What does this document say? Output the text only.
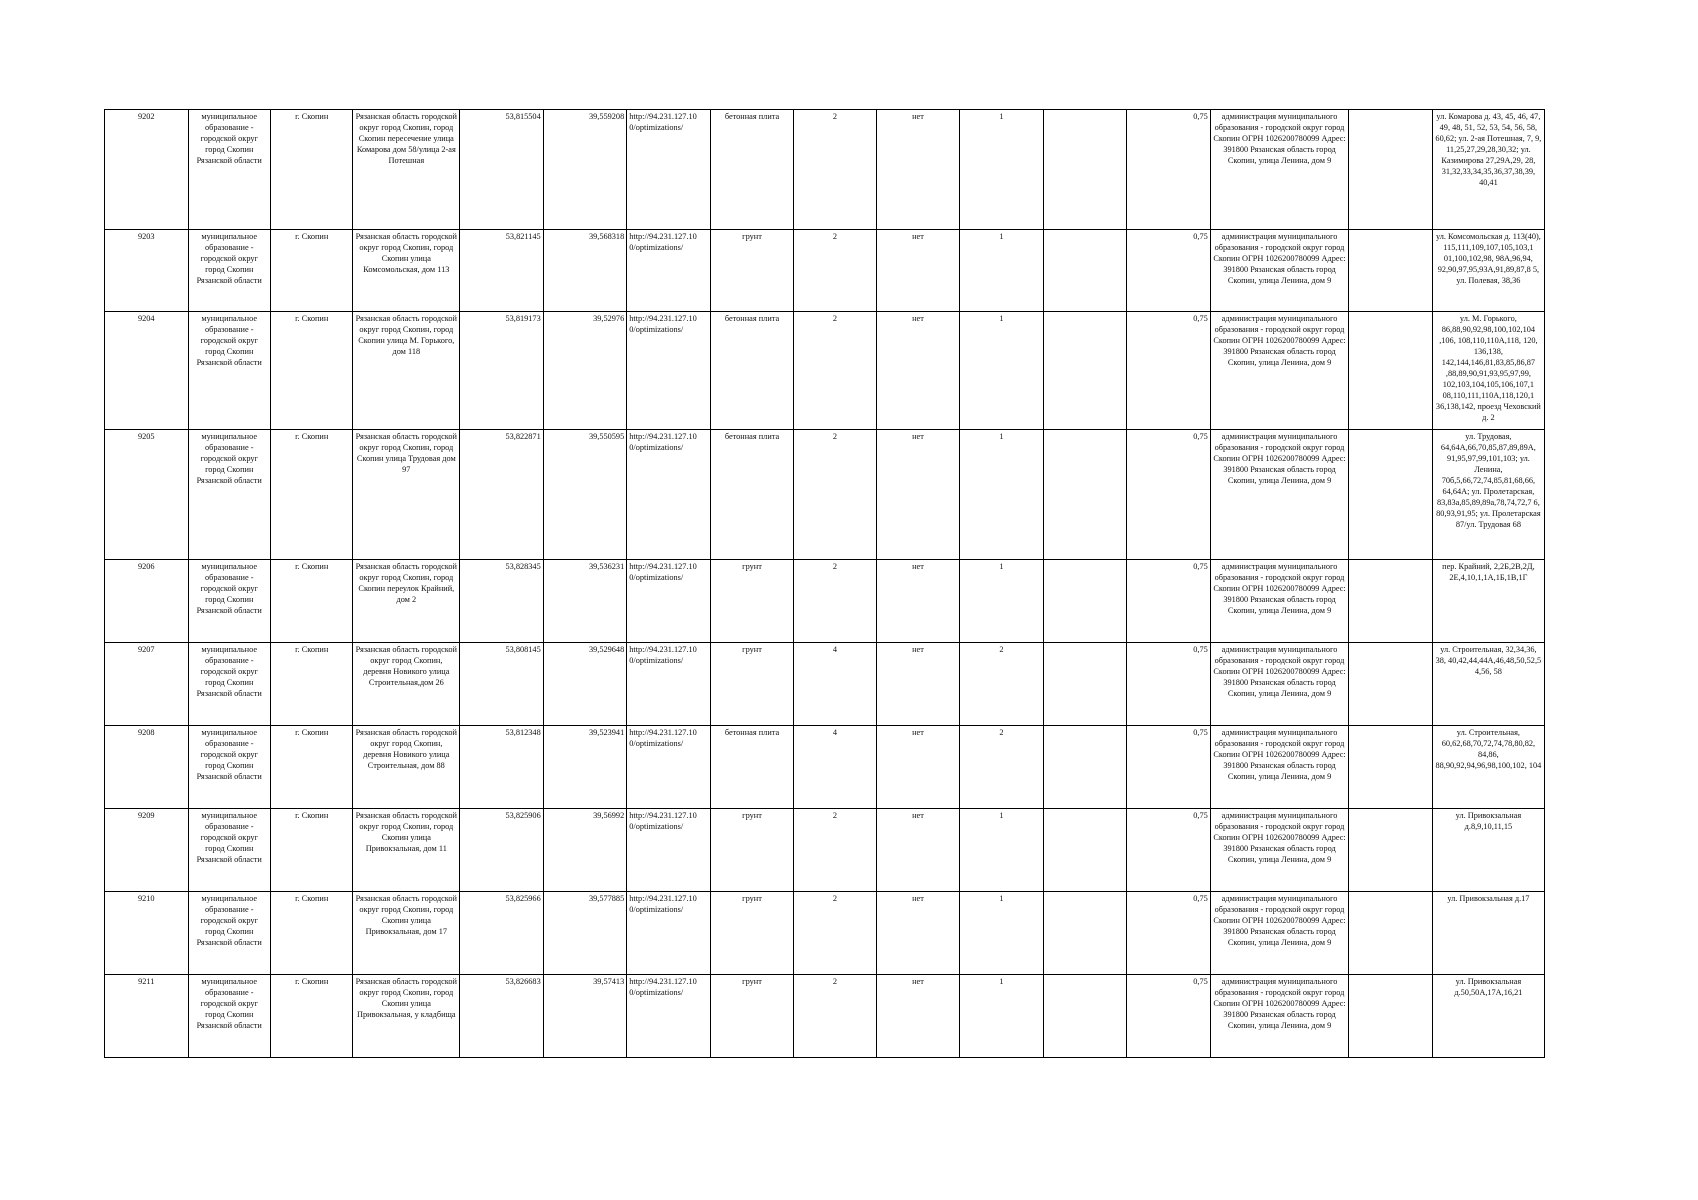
9202	муниципальное образование - городской округ город Скопин Рязанской области	г. Скопин	Рязанская область городской округ город Скопин, город Скопин пересечение улица Комарова дом 58/улица 2-ая Потешная	53,815504	39,559208	http://94.231.127.10 0/optimizations/	бетонная плита	2	нет	1		0,75	администрация муниципального образования - городской округ город Скопин ОГРН 1026200780099 Адрес: 391800 Рязанская область город Скопин, улица Ленина, дом 9		ул. Комарова д. 43, 45, 46, 47, 49, 48, 51, 52, 53, 54, 56, 58, 60,62; ул. 2-ая Потешная, 7, 9, 11,25,27,29,28,30,32; ул. Казимирова 27,29А,29, 28, 31,32,33,34,35,36,37,38,39, 40,41
9203	муниципальное образование - городской округ город Скопин Рязанской области	г. Скопин	Рязанская область городской округ город Скопин, город Скопин улица Комсомольская, дом 113	53,821145	39,568318	http://94.231.127.10 0/optimizations/	грунт	2	нет	1		0,75	администрация муниципального образования - городской округ город Скопин ОГРН 1026200780099 Адрес: 391800 Рязанская область город Скопин, улица Ленина, дом 9		ул. Комсомольская д. 113(40), 115,111,109,107,105,103,1 01,100,102,98, 98А,96,94, 92,90,97,95,93А,91,89,87,8 5, ул. Полевая, 38,36
9204	муниципальное образование - городской округ город Скопин Рязанской области	г. Скопин	Рязанская область городской округ город Скопин, город Скопин улица М. Горького, дом 118	53,819173	39,52976	http://94.231.127.10 0/optimizations/	бетонная плита	2	нет	1		0,75	администрация муниципального образования - городской округ город Скопин ОГРН 1026200780099 Адрес: 391800 Рязанская область город Скопин, улица Ленина, дом 9		ул. М. Горького, 86,88,90,92,98,100,102,104 ,106, 108,110,110А,118, 120, 136,138, 142,144,146,81,83,85,86,87 ,88,89,90,91,93,95,97,99, 102,103,104,105,106,107,1 08,110,111,110А,118,120,1 36,138,142, проезд Чеховский д. 2
9205	муниципальное образование - городской округ город Скопин Рязанской области	г. Скопин	Рязанская область городской округ город Скопин, город Скопин улица Трудовая дом 97	53,822871	39,550595	http://94.231.127.10 0/optimizations/	бетонная плита	2	нет	1		0,75	администрация муниципального образования - городской округ город Скопин ОГРН 1026200780099 Адрес: 391800 Рязанская область город Скопин, улица Ленина, дом 9		ул. Трудовая, 64,64А,66,70,85,87,89,89А, 91,95,97,99,101,103; ул. Ленина, 70б,5,66,72,74,85,81,68,66, 64,64А; ул. Пролетарская, 83,83а,85,89,89а,78,74,72,7 6, 80,93,91,95; ул. Пролетарская 87/ул. Трудовая 68
9206	муниципальное образование - городской округ город Скопин Рязанской области	г. Скопин	Рязанская область городской округ город Скопин, город Скопин переулок Крайний, дом 2	53,828345	39,536231	http://94.231.127.10 0/optimizations/	грунт	2	нет	1		0,75	администрация муниципального образования - городской округ город Скопин ОГРН 1026200780099 Адрес: 391800 Рязанская область город Скопин, улица Ленина, дом 9		пер. Крайний, 2,2Б,2В,2Д, 2Е,4,10,1,1А,1Б,1В,1Г
9207	муниципальное образование - городской округ город Скопин Рязанской области	г. Скопин	Рязанская область городской округ город Скопин, деревня Новикого улица Строительная,дом 26	53,808145	39,529648	http://94.231.127.10 0/optimizations/	грунт	4	нет	2		0,75	администрация муниципального образования - городской округ город Скопин ОГРН 1026200780099 Адрес: 391800 Рязанская область город Скопин, улица Ленина, дом 9		ул. Строительная, 32,34,36, 38, 40,42,44,44А,46,48,50,52,5 4,56, 58
9208	муниципальное образование - городской округ город Скопин Рязанской области	г. Скопин	Рязанская область городской округ город Скопин, деревня Новикого улица Строительная, дом 88	53,812348	39,523941	http://94.231.127.10 0/optimizations/	бетонная плита	4	нет	2		0,75	администрация муниципального образования - городской округ город Скопин ОГРН 1026200780099 Адрес: 391800 Рязанская область город Скопин, улица Ленина, дом 9		ул. Строительная, 60,62,68,70,72,74,78,80,82, 84,86, 88,90,92,94,96,98,100,102, 104
9209	муниципальное образование - городской округ город Скопин Рязанской области	г. Скопин	Рязанская область городской округ город Скопин, город Скопин улица Привокзальная, дом 11	53,825906	39,56992	http://94.231.127.10 0/optimizations/	грунт	2	нет	1		0,75	администрация муниципального образования - городской округ город Скопин ОГРН 1026200780099 Адрес: 391800 Рязанская область город Скопин, улица Ленина, дом 9		ул. Привокзальная д.8,9,10,11,15
9210	муниципальное образование - городской округ город Скопин Рязанской области	г. Скопин	Рязанская область городской округ город Скопин, город Скопин улица Привокзальная, дом 17	53,825966	39,577885	http://94.231.127.10 0/optimizations/	грунт	2	нет	1		0,75	администрация муниципального образования - городской округ город Скопин ОГРН 1026200780099 Адрес: 391800 Рязанская область город Скопин, улица Ленина, дом 9		ул. Привокзальная д.17
9211	муниципальное образование - городской округ город Скопин Рязанской области	г. Скопин	Рязанская область городской округ город Скопин, город Скопин улица Привокзальная, у кладбища	53,826683	39,57413	http://94.231.127.10 0/optimizations/	грунт	2	нет	1		0,75	администрация муниципального образования - городской округ город Скопин ОГРН 1026200780099 Адрес: 391800 Рязанская область город Скопин, улица Ленина, дом 9		ул. Привокзальная д.50,50А,17А,16,21
